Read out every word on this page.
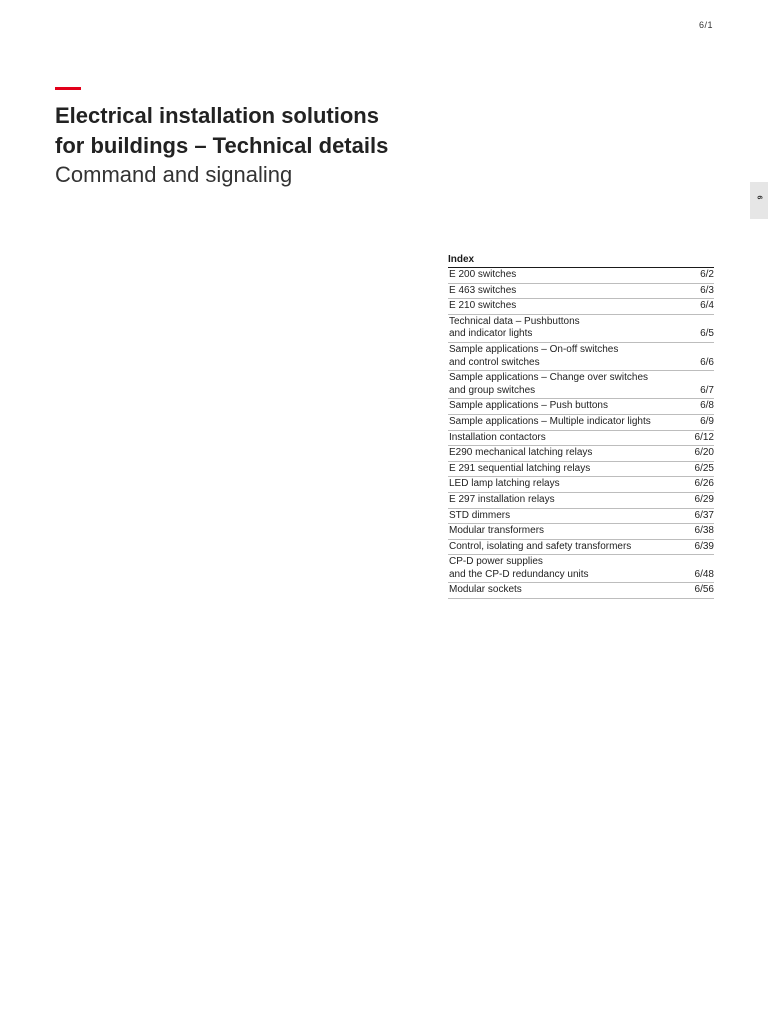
6/1
Electrical installation solutions
for buildings – Technical details
Command and signaling
6
Index
E 200 switches	6/2
E 463 switches	6/3
E 210 switches	6/4
Technical data – Pushbuttons
and indicator lights	6/5
Sample applications – On-off switches
and control switches	6/6
Sample applications – Change over switches
and group switches	6/7
Sample applications – Push buttons	6/8
Sample applications – Multiple indicator lights	6/9
Installation contactors	6/12
E290 mechanical latching relays	6/20
E 291 sequential latching relays	6/25
LED lamp latching relays	6/26
E 297 installation relays	6/29
STD dimmers	6/37
Modular transformers	6/38
Control, isolating and safety transformers	6/39
CP-D power supplies
and the CP-D redundancy units	6/48
Modular sockets	6/56
